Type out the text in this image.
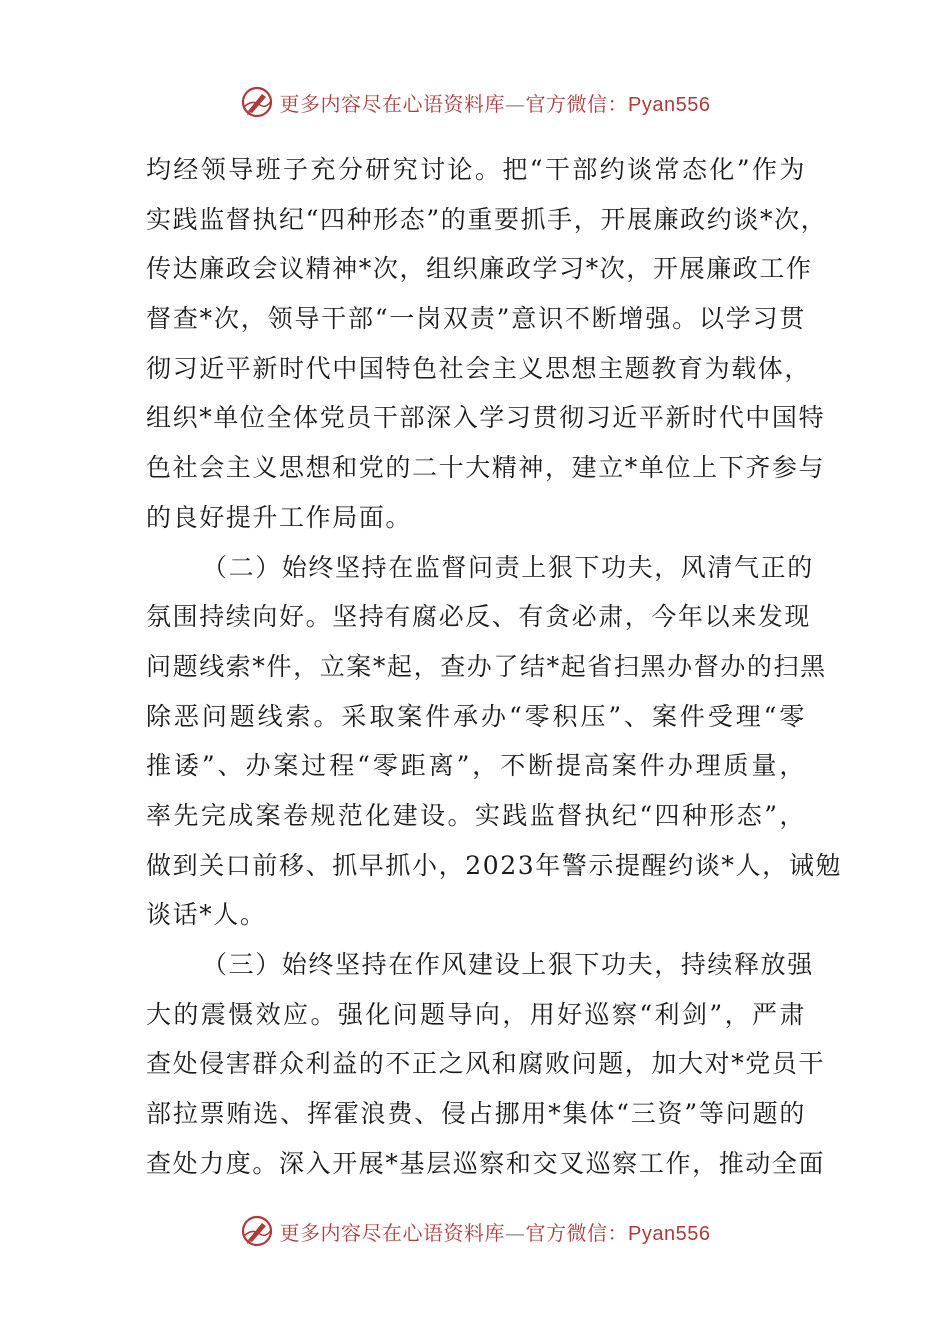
更多内容尽在心语资料库—官方微信：Pyan556
均经领导班子充分研究讨论。把“干部约谈常态化”作为
实践监督执纪“四种形态”的重要抓手，开展廉政约谈*次，
传达廉政会议精神*次，组织廉政学习*次，开展廉政工作
督查*次，领导干部“一岗双责”意识不断增强。以学习贯
彻习近平新时代中国特色社会主义思想主题教育为载体，
组织*单位全体党员干部深入学习贯彻习近平新时代中国特
色社会主义思想和党的二十大精神，建立*单位上下齐参与
的良好提升工作局面。
（二）始终坚持在监督问责上狠下功夫，风清气正的
氛围持续向好。坚持有腐必反、有贪必肃，今年以来发现
问题线索*件，立案*起，查办了结*起省扫黑办督办的扫黑
除恶问题线索。采取案件承办“零积压”、案件受理“零
推诿”、办案过程“零距离”，不断提高案件办理质量，
率先完成案卷规范化建设。实践监督执纪“四种形态”，
做到关口前移、抓早抓小，2023年警示提醒约谈*人，诫勉
谈话*人。
（三）始终坚持在作风建设上狠下功夫，持续释放强
大的震慑效应。强化问题导向，用好巡察“利剑”，严肃
查处侵害群众利益的不正之风和腐败问题，加大对*党员干
部拉票贿选、挥霍浪费、侵占挪用*集体“三资”等问题的
查处力度。深入开展*基层巡察和交叉巡察工作，推动全面
更多内容尽在心语资料库—官方微信：Pyan556
